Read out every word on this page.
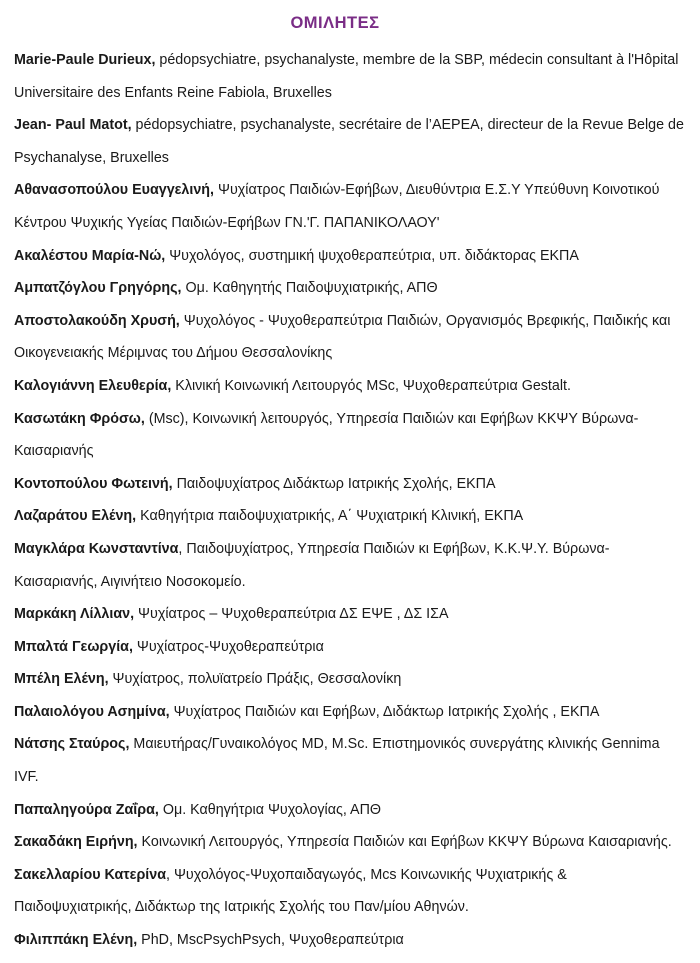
ΟΜΙΛΗΤΕΣ

Marie-Paule Durieux, pédopsychiatre, psychanalyste, membre de la SBP, médecin consultant à l'Hôpital Universitaire des Enfants Reine Fabiola, Bruxelles

Jean- Paul Matot, pédopsychiatre, psychanalyste, secrétaire de l’AEPEA, directeur de la Revue Belge de Psychanalyse, Bruxelles

Αθανασοπούλου Ευαγγελινή, Ψυχίατρος Παιδιών-Εφήβων, Διευθύντρια Ε.Σ.Υ Υπεύθυνη Κοινοτικού Κέντρου Ψυχικής Υγείας Παιδιών-Εφήβων ΓΝ.'Γ. ΠΑΠΑΝΙΚΟΛΑΟΥ'

Ακαλέστου Μαρία-Νώ, Ψυχολόγος, συστημική ψυχοθεραπεύτρια, υπ. διδάκτορας ΕΚΠΑ

Αμπατζόγλου Γρηγόρης, Ομ. Καθηγητής Παιδοψυχιατρικής, ΑΠΘ

Αποστολακούδη Χρυσή, Ψυχολόγος - Ψυχοθεραπεύτρια Παιδιών, Οργανισμός Βρεφικής, Παιδικής και Οικογενειακής Μέριμνας του Δήμου Θεσσαλονίκης

Καλογιάννη Ελευθερία, Κλινική Κοινωνική Λειτουργός MSc, Ψυχοθεραπεύτρια Gestalt.

Κασωτάκη Φρόσω, (Msc), Κοινωνική λειτουργός, Υπηρεσία Παιδιών και Εφήβων ΚΚΨΥ Βύρωνα- Καισαριανής

Κοντοπούλου Φωτεινή, Παιδοψυχίατρος Διδάκτωρ Ιατρικής Σχολής, ΕΚΠΑ

Λαζαράτου Ελένη, Καθηγήτρια παιδοψυχιατρικής, Α΄ Ψυχιατρική Κλινική, ΕΚΠΑ

Μαγκλάρα Κωνσταντίνα, Παιδοψυχίατρος, Υπηρεσία Παιδιών κι Εφήβων, Κ.Κ.Ψ.Υ. Βύρωνα-Καισαριανής, Αιγινήτειο Νοσοκομείο.

Μαρκάκη Λίλλιαν, Ψυχίατρος – Ψυχοθεραπεύτρια ΔΣ ΕΨΕ , ΔΣ ΙΣΑ

Μπαλτά Γεωργία, Ψυχίατρος-Ψυχοθεραπεύτρια

Μπέλη Ελένη, Ψυχίατρος, πολυϊατρείο Πράξις, Θεσσαλονίκη

Παλαιολόγου Ασημίνα, Ψυχίατρος Παιδιών και Εφήβων, Διδάκτωρ Ιατρικής Σχολής , ΕΚΠΑ

Νάτσης Σταύρος, Μαιευτήρας/Γυναικολόγος MD, M.Sc. Επιστημονικός συνεργάτης κλινικής Gennima IVF.

Παπαληγούρα Ζαΐρα, Ομ. Καθηγήτρια Ψυχολογίας, ΑΠΘ

Σακαδάκη Ειρήνη, Κοινωνική Λειτουργός, Υπηρεσία Παιδιών και Εφήβων ΚΚΨΥ Βύρωνα Καισαριανής.

Σακελλαρίου Κατερίνα, Ψυχολόγος-Ψυχοπαιδαγωγός, Mcs Κοινωνικής Ψυχιατρικής & Παιδοψυχιατρικής, Διδάκτωρ της Ιατρικής Σχολής του Παν/μίου Αθηνών.

Φιλιππάκη Ελένη, PhD, MscPsychPsych, Ψυχοθεραπεύτρια
